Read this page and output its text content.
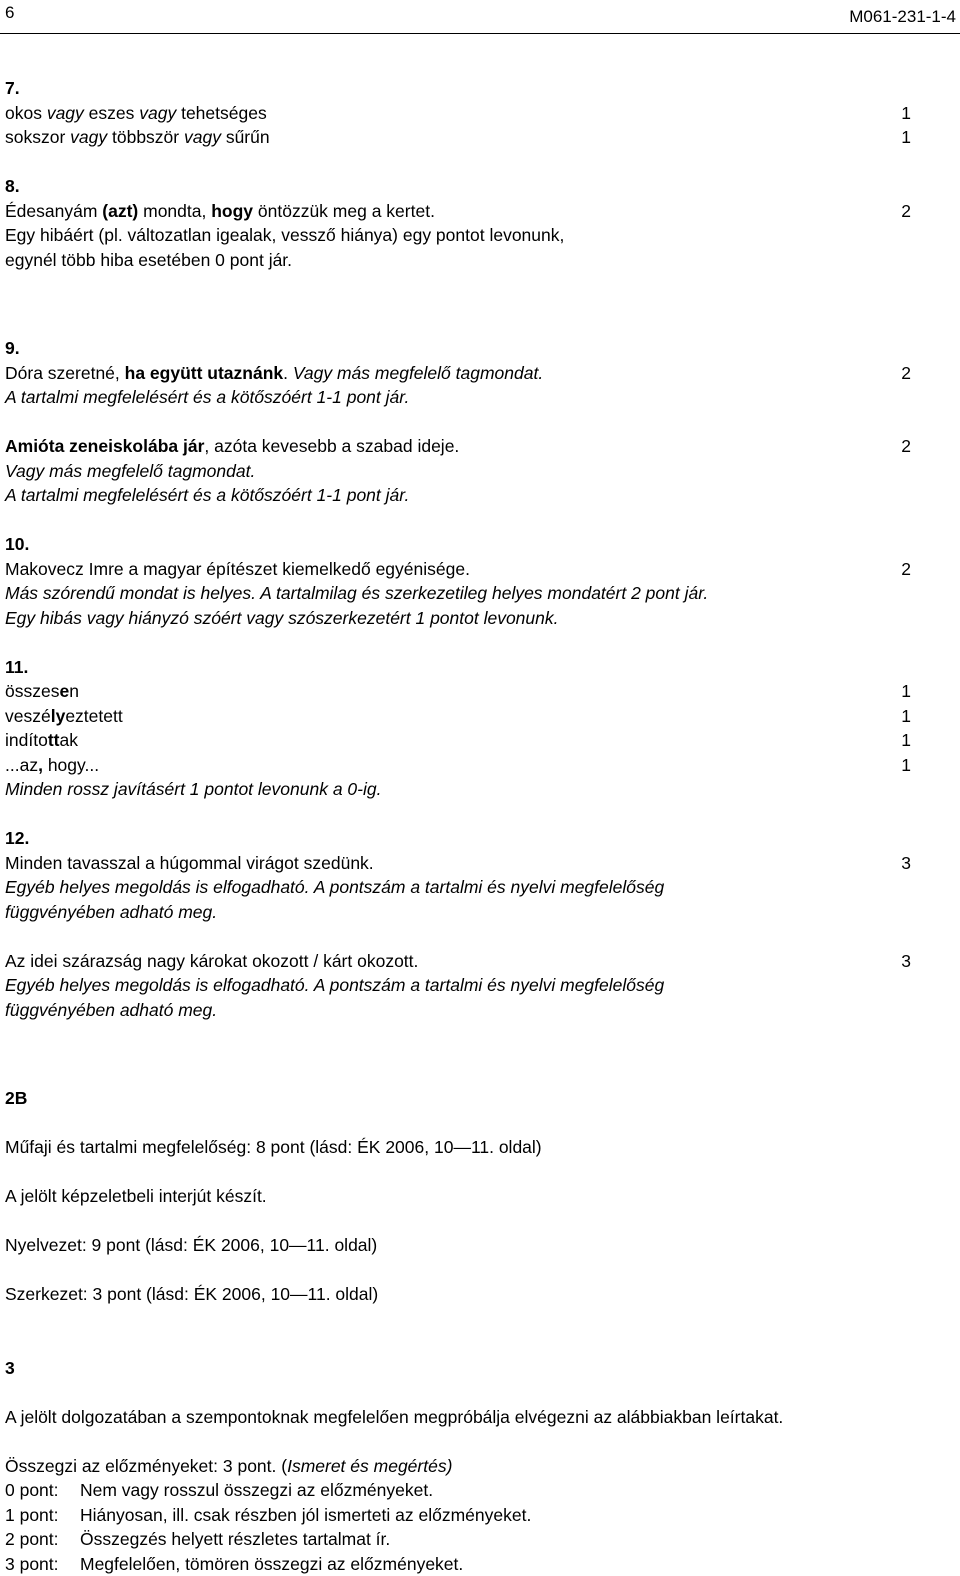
6	M061-231-1-4
7.
okos vagy eszes vagy tehetséges	1
sokszor vagy többször vagy sűrűn	1
8.
Édesanyám (azt) mondta, hogy öntözzük meg a kertet.	2
Egy hibáért (pl. változatlan igealak, vessző hiánya) egy pontot levonunk,
egynél több hiba esetében 0 pont jár.
9.
Dóra szeretné, ha együtt utaznánk. Vagy más megfelelő tagmondat.	2
A tartalmi megfelelésért és a kötőszóért 1-1 pont jár.
Amióta zeneiskolába jár, azóta kevesebb a szabad ideje.	2
Vagy más megfelelő tagmondat.
A tartalmi megfelelésért és a kötőszóért 1-1 pont jár.
10.
Makovecz Imre a magyar építészet kiemelkedő egyénisége.	2
Más szórendű mondat is helyes. A tartalmilag és szerkezetileg helyes mondatért 2 pont jár.
Egy hibás vagy hiányzó szóért vagy szószerkezetért 1 pontot levonunk.
11.
összesen	1
veszélyeztetett	1
indítottak	1
...az, hogy...	1
Minden rossz javításért 1 pontot levonunk a 0-ig.
12.
Minden tavasszal a húgommal virágot szedünk.	3
Egyéb helyes megoldás is elfogadható. A pontszám a tartalmi és nyelvi megfelelőség
függvényében adható meg.
Az idei szárazság nagy károkat okozott / kárt okozott.	3
Egyéb helyes megoldás is elfogadható. A pontszám a tartalmi és nyelvi megfelelőség
függvényében adható meg.
2B
Műfaji és tartalmi megfelelőség: 8 pont (lásd: ÉK 2006, 10—11. oldal)
A jelölt képzeletbeli interjút készít.
Nyelvezet: 9 pont (lásd: ÉK 2006, 10—11. oldal)
Szerkezet: 3 pont (lásd: ÉK 2006, 10—11. oldal)
3
A jelölt dolgozatában a szempontoknak megfelelően megpróbálja elvégezni az alábbiakban leírtakat.
Összegzi az előzményeket: 3 pont. (Ismeret és megértés)
0 pont: Nem vagy rosszul összegzi az előzményeket.
1 pont: Hiányosan, ill. csak részben jól ismerteti az előzményeket.
2 pont: Összegzés helyett részletes tartalmat ír.
3 pont: Megfelelően, tömören összegzi az előzményeket.
